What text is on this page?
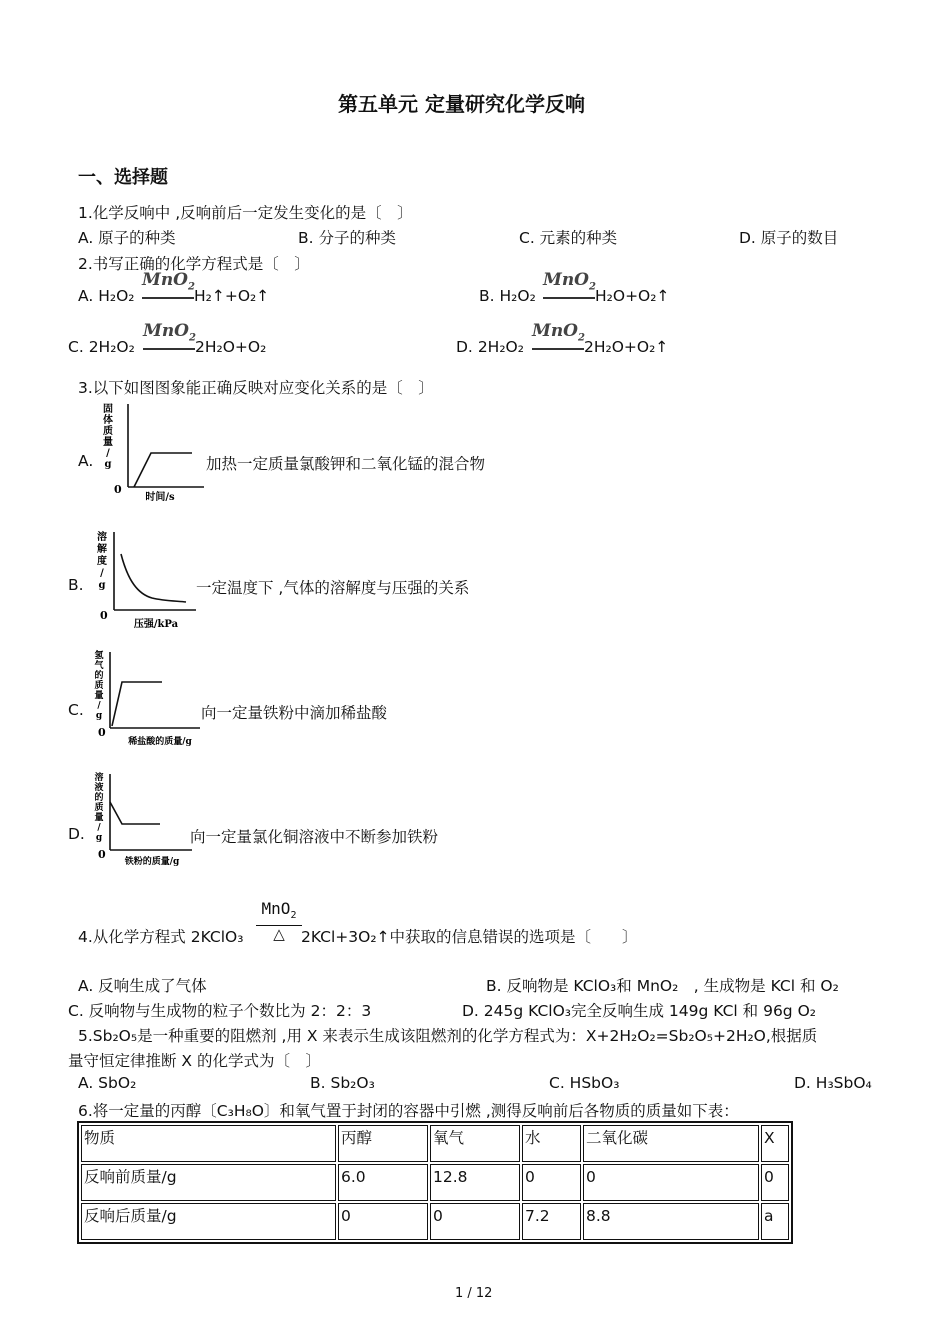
第五单元 定量研究化学反响
一、选择题
1.化学反响中 ,反响前后一定发生变化的是〔　〕
A. 原子的种类	B. 分子的种类	C. 元素的种类	D. 原子的数目
2.书写正确的化学方程式是〔　〕
A. H₂O₂
MnO$_2$
H₂↑+O₂↑	B. H₂O₂
MnO$_2$
H₂O+O₂↑
C. 2H₂O₂
MnO$_2$
2H₂O+O₂	D. 2H₂O₂
MnO$_2$
2H₂O+O₂↑
3.以下如图图象能正确反映对应变化关系的是〔　〕
A.
固
体
质
量
/
g
0
时间/s
加热一定质量氯酸钾和二氧化锰的混合物
B.
溶
解
度
/
g
0
压强/kPa
一定温度下 ,气体的溶解度与压强的关系
C.
氢
气
的
质
量
/
g
0
稀盐酸的质量/g
向一定量铁粉中滴加稀盐酸
D.
溶
液
的
质
量
/
g
0
铁粉的质量/g
向一定量氯化铜溶液中不断参加铁粉
4.从化学方程式 2KClO₃
MnO$_2$
△	2KCl+3O₂↑中获取的信息错误的选项是〔　　〕
A. 反响生成了气体	B. 反响物是 KClO₃和 MnO₂　, 生成物是 KCl 和 O₂
C. 反响物与生成物的粒子个数比为 2：2：3	D. 245g KClO₃完全反响生成 149g KCl 和 96g O₂
5.Sb₂O₅是一种重要的阻燃剂 ,用 X 来表示生成该阻燃剂的化学方程式为：X+2H₂O₂=Sb₂O₅+2H₂O,根据质
量守恒定律推断 X 的化学式为〔　〕
A. SbO₂	B. Sb₂O₃	C. HSbO₃	D. H₃SbO₄
6.将一定量的丙醇〔C₃H₈O〕和氧气置于封闭的容器中引燃 ,测得反响前后各物质的质量如下表：
物质	丙醇	氧气	水	二氧化碳	X
反响前质量/g	6.0	12.8	0	0	0
反响后质量/g	0	0	7.2	8.8	a
1 / 12
